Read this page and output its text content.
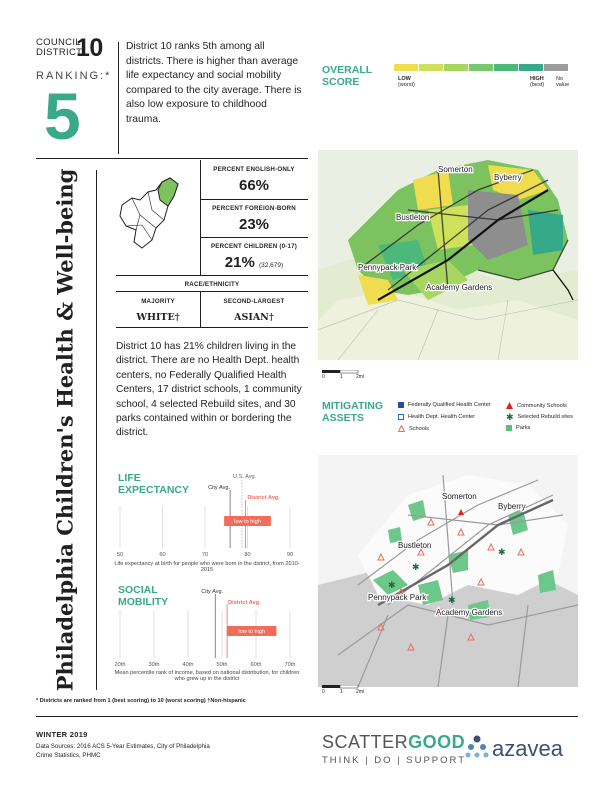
COUNCIL
DISTRICT
10
RANKING:*
5
District 10 ranks 5th among all districts. There is higher than average life expectancy and social mobility compared to the city average. There is also low exposure to childhood trauma.
OVERALL
SCORE	LOW
(worst)
HIGH
(best)
No value
Somerton
Byberry
Bustleton
Pennypack Park
Academy Gardens
0	1	2mi
Philadelphia Children's Health & Well-being	PERCENT ENGLISH-ONLY
66%
PERCENT FOREIGN-BORN
23%
PERCENT CHILDREN (0-17)
21% (32,679)
RACE/ETHNICITY
MAJORITY
WHITE†
SECOND-LARGEST
ASIAN†
District 10 has 21% children living in the district. There are no Health Dept. health centers, no Federally Qualified Health Centers, 17 district schools, 1 community school, 4 selected Rebuild sites, and 30 parks contained within or bordering the district.
LIFE
EXPECTANCY
50	60	70	80	90
U.S. Avg.
City Avg.
District Avg.
low to high
Life expectancy at birth for people who were born in the district, from 2010-2015
SOCIAL
MOBILITY
20th	30th	40th	50th	60th	70th
City Avg.
District Avg.
low to high
Mean percentile rank of income, based on national distribution, for children who grew up in the district
MITIGATING
ASSETS
Federally Qualified Health Center	Community Schools
Health Dept. Health Center	✱ Selected Rebuild sites
Schools	Parks
✱
✱
✱
✱
Somerton
Byberry
Bustleton
Pennypack Park
Academy Gardens
0	1	2mi
* Districts are ranked from 1 (best scoring) to 10 (worst scoring) †Non-hispanic
WINTER 2019
Data Sources: 2016 ACS 5-Year Estimates, City of Philadelphia
Crime Statistics, PHMC
SCATTERGOOD
THINK | DO | SUPPORT azavea
